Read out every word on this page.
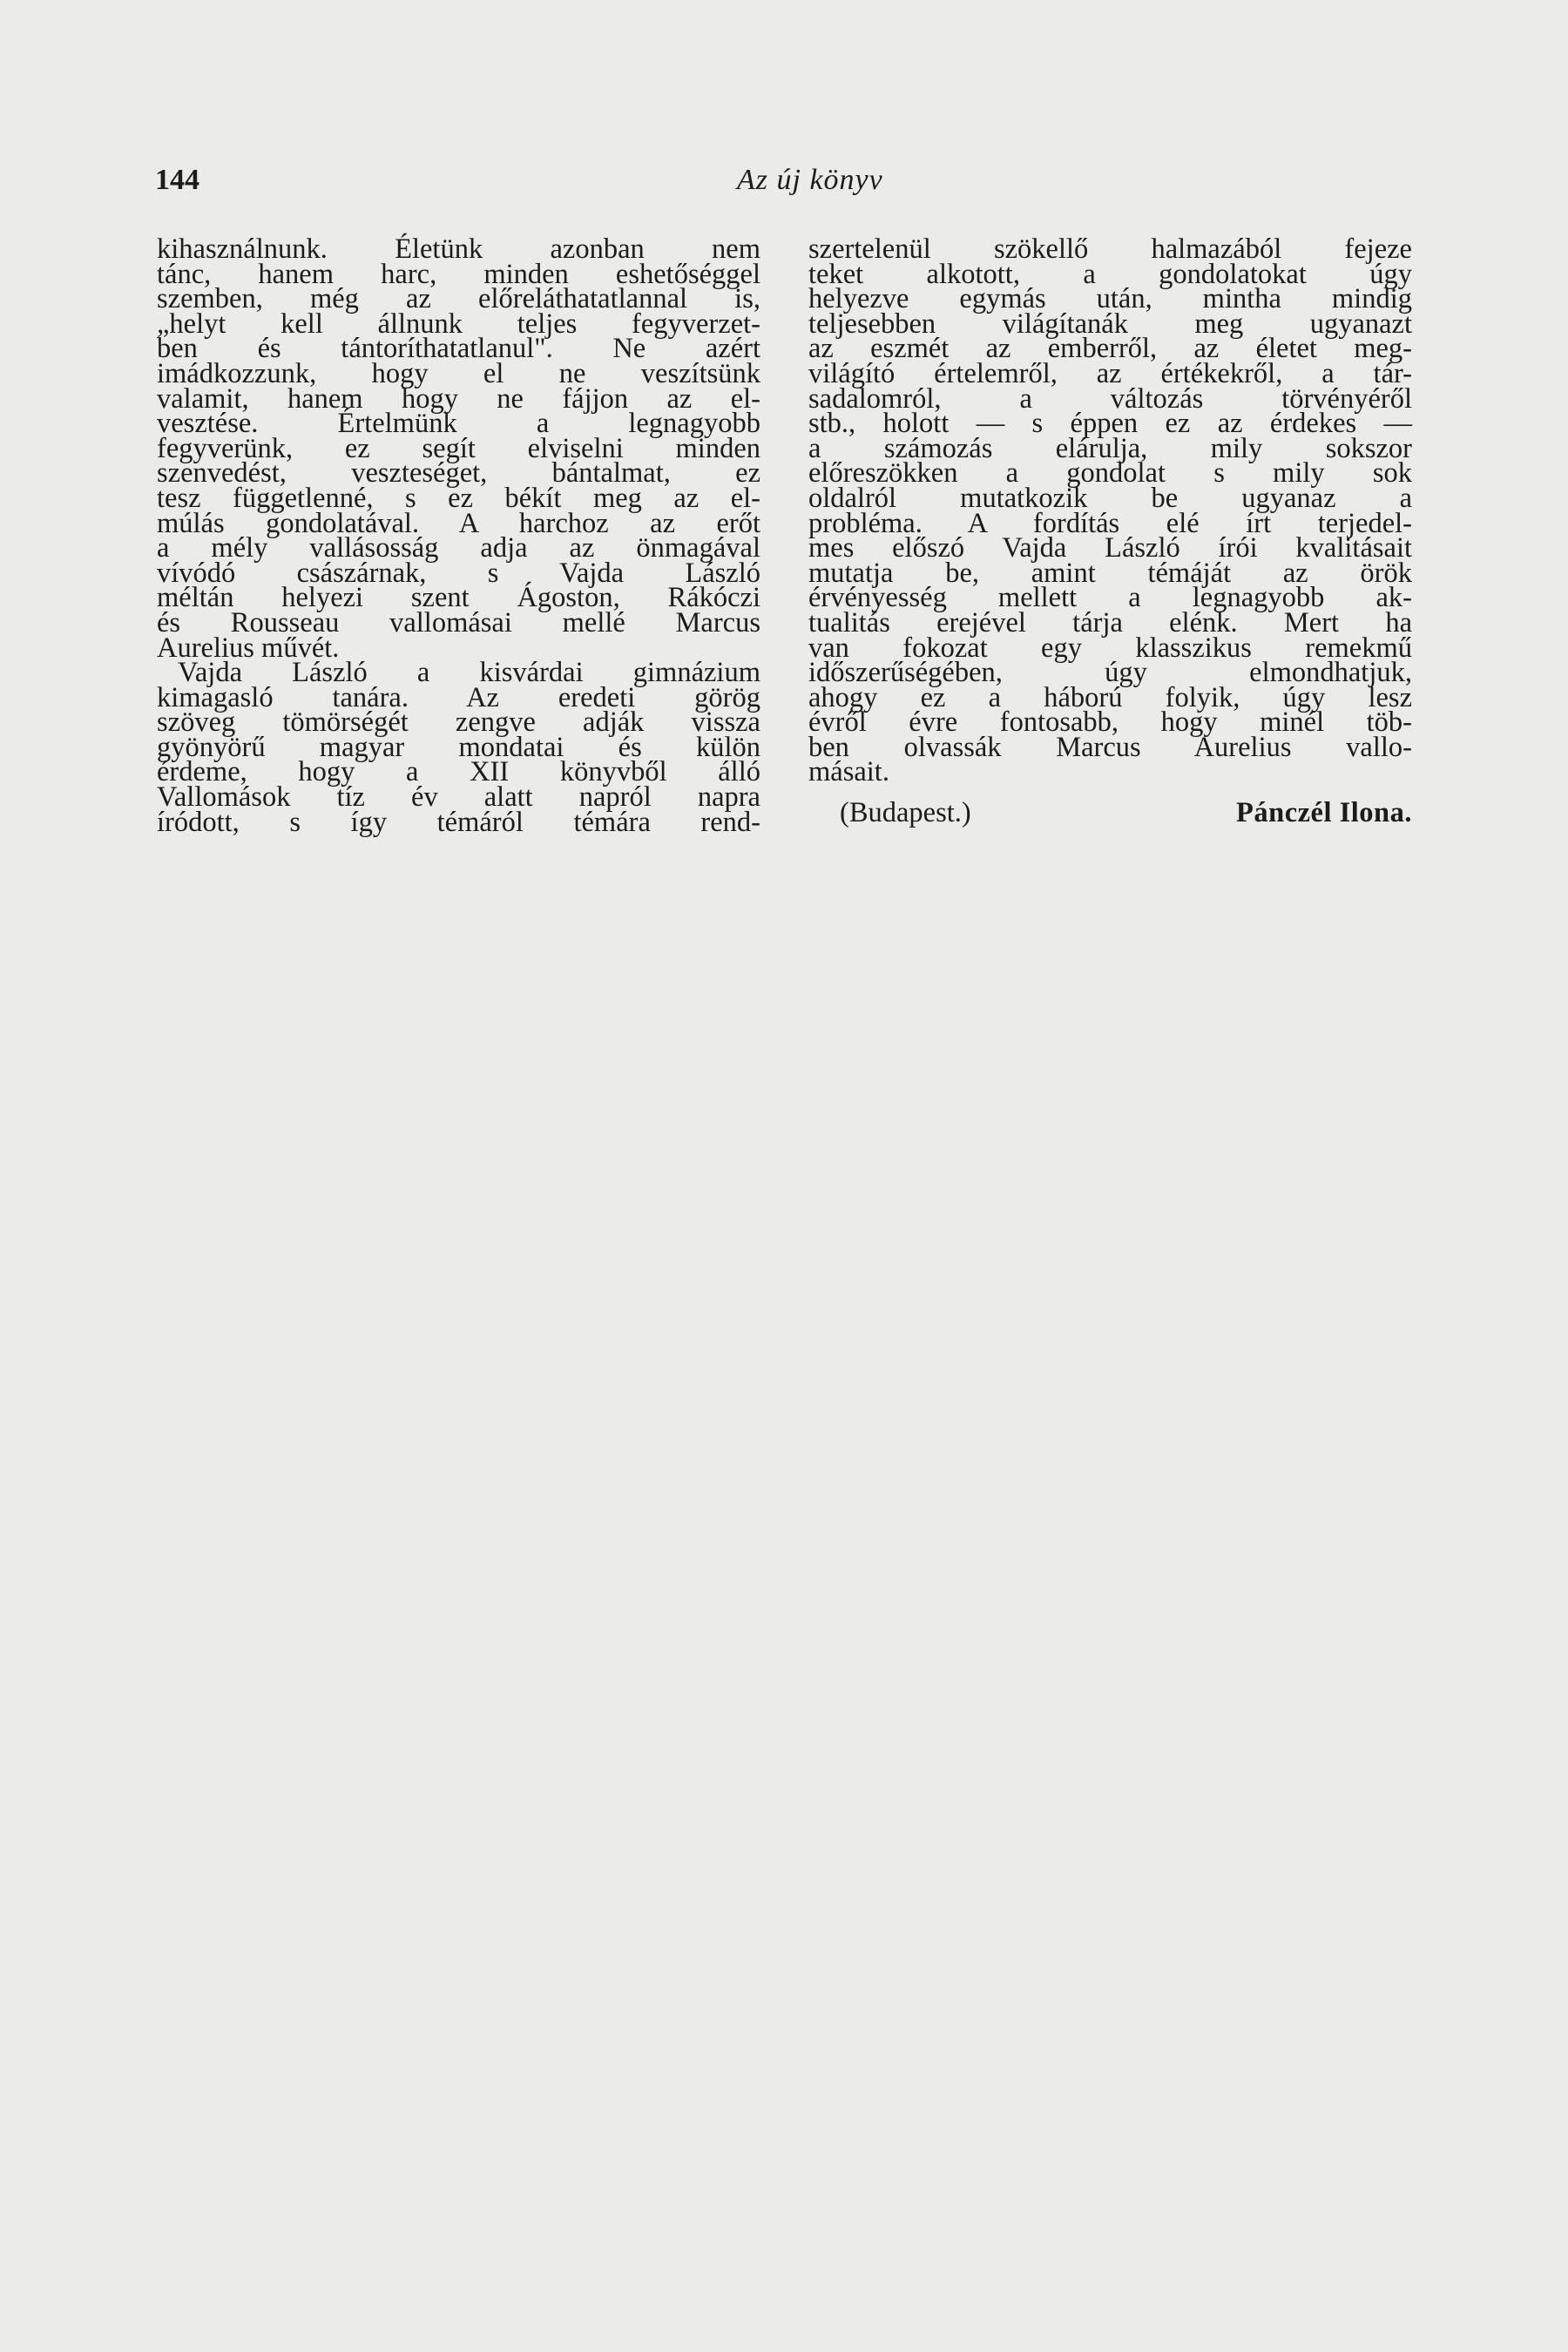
144	Az új könyv
kihasználnunk. Életünk azonban nem
tánc, hanem harc, minden eshetőséggel
szemben, még az előreláthatatlannal is,
„helyt kell állnunk teljes fegyverzet-
ben és tántoríthatatlanul". Ne azért
imádkozzunk, hogy el ne veszítsünk
valamit, hanem hogy ne fájjon az el-
vesztése. Értelmünk a legnagyobb
fegyverünk, ez segít elviselni minden
szenvedést, veszteséget, bántalmat, ez
tesz függetlenné, s ez békít meg az el-
múlás gondolatával. A harchoz az erőt
a mély vallásosság adja az önmagával
vívódó császárnak, s Vajda László
méltán helyezi szent Ágoston, Rákóczi
és Rousseau vallomásai mellé Marcus
Aurelius művét.
Vajda László a kisvárdai gimnázium
kimagasló tanára. Az eredeti görög
szöveg tömörségét zengve adják vissza
gyönyörű magyar mondatai és külön
érdeme, hogy a XII könyvből álló
Vallomások tíz év alatt napról napra
íródott, s így témáról témára rend-
szertelenül szökellő halmazából fejeze
teket alkotott, a gondolatokat úgy
helyezve egymás után, mintha mindig
teljesebben világítanák meg ugyanazt
az eszmét az emberről, az életet meg-
világító értelemről, az értékekről, a tár-
sadalomról, a változás törvényéről
stb., holott — s éppen ez az érdekes —
a számozás elárulja, mily sokszor
előreszökken a gondolat s mily sok
oldalról mutatkozik be ugyanaz a
probléma. A fordítás elé írt terjedel-
mes előszó Vajda László írói kvalitásait
mutatja be, amint témáját az örök
érvényesség mellett a legnagyobb ak-
tualitás erejével tárja elénk. Mert ha
van fokozat egy klasszikus remekmű
időszerűségében, úgy elmondhatjuk,
ahogy ez a háború folyik, úgy lesz
évről évre fontosabb, hogy minél töb-
ben olvassák Marcus Aurelius vallo-
másait.
(Budapest.)	Pánczél Ilona.
